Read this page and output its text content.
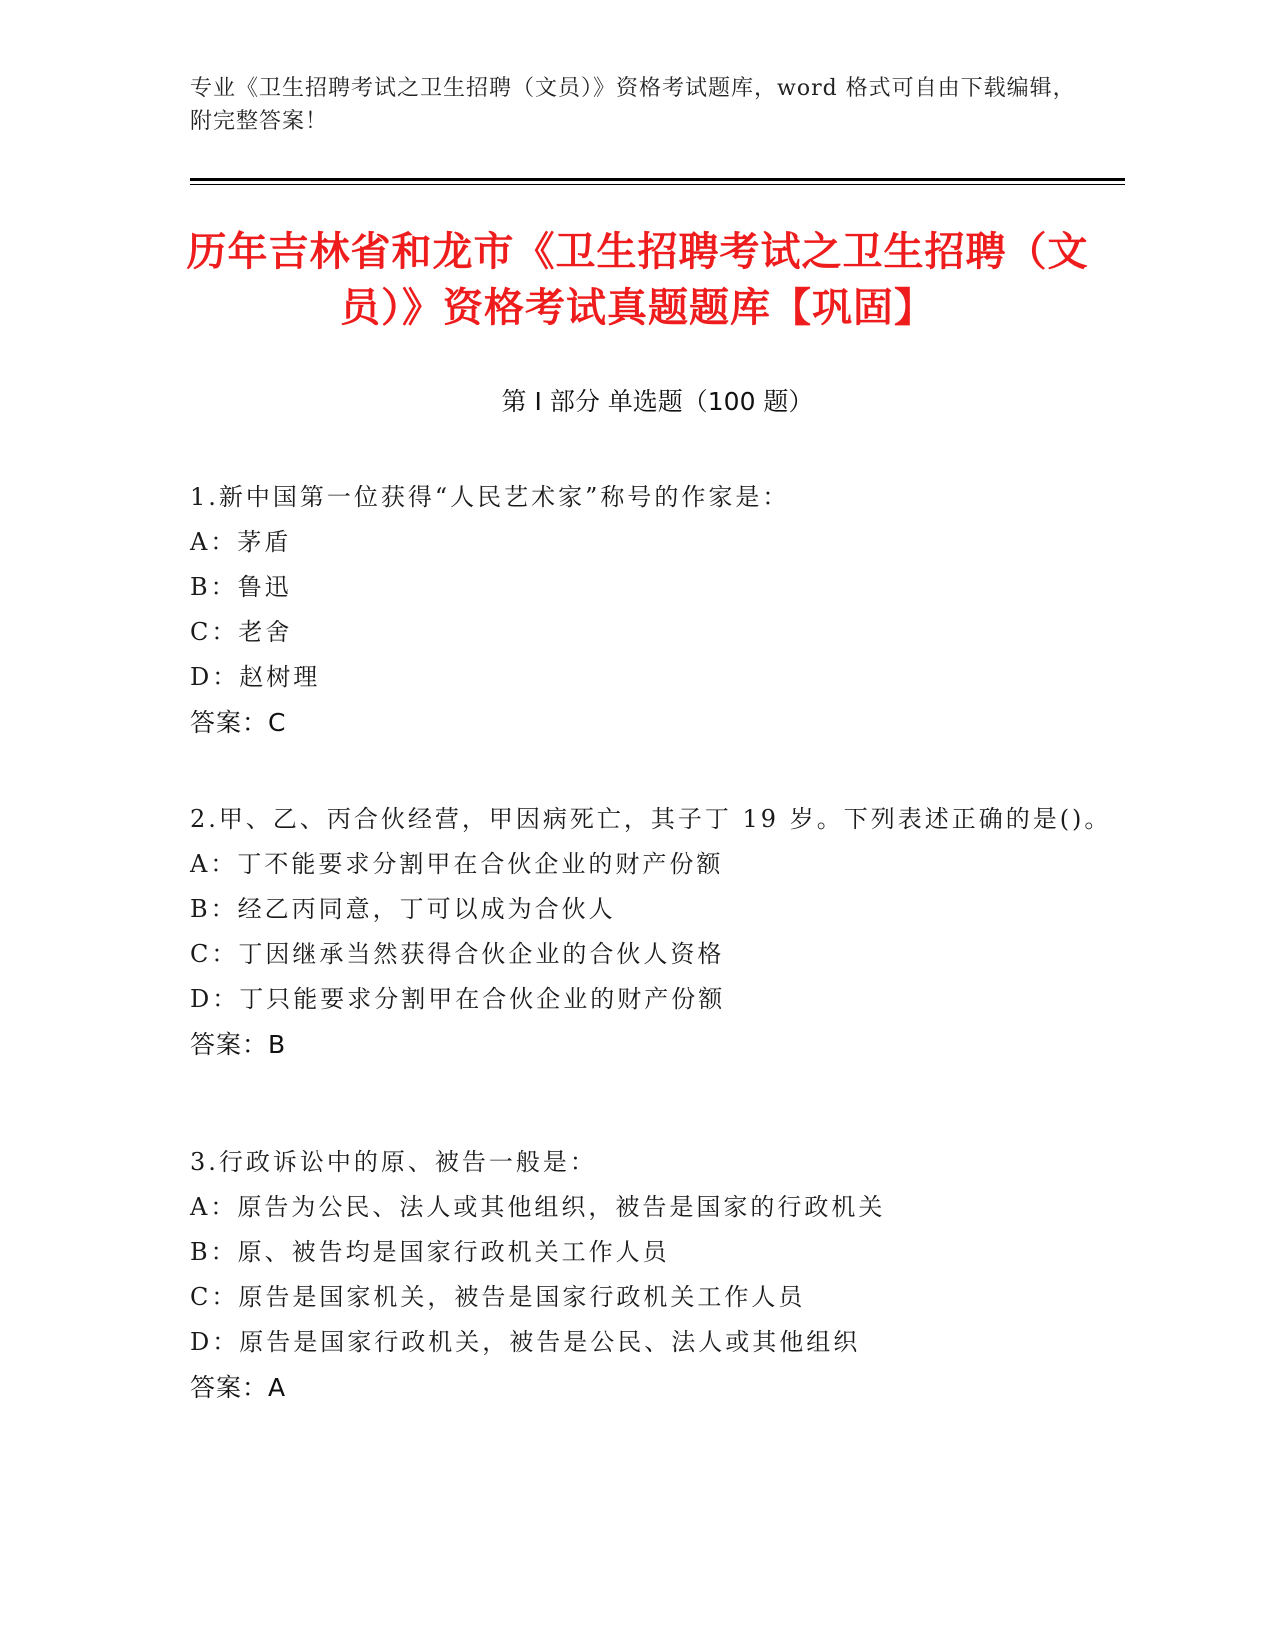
专业《卫生招聘考试之卫生招聘（文员）》资格考试题库，word 格式可自由下载编辑，附完整答案！
历年吉林省和龙市《卫生招聘考试之卫生招聘（文员）》资格考试真题题库【巩固】
第 I 部分 单选题（100 题）
1.新中国第一位获得“人民艺术家”称号的作家是：
A：茅盾
B：鲁迅
C：老舍
D：赵树理
答案：C
2.甲、乙、丙合伙经营，甲因病死亡，其子丁 19 岁。下列表述正确的是()。
A：丁不能要求分割甲在合伙企业的财产份额
B：经乙丙同意，丁可以成为合伙人
C：丁因继承当然获得合伙企业的合伙人资格
D：丁只能要求分割甲在合伙企业的财产份额
答案：B
3.行政诉讼中的原、被告一般是：
A：原告为公民、法人或其他组织，被告是国家的行政机关
B：原、被告均是国家行政机关工作人员
C：原告是国家机关，被告是国家行政机关工作人员
D：原告是国家行政机关，被告是公民、法人或其他组织
答案：A
